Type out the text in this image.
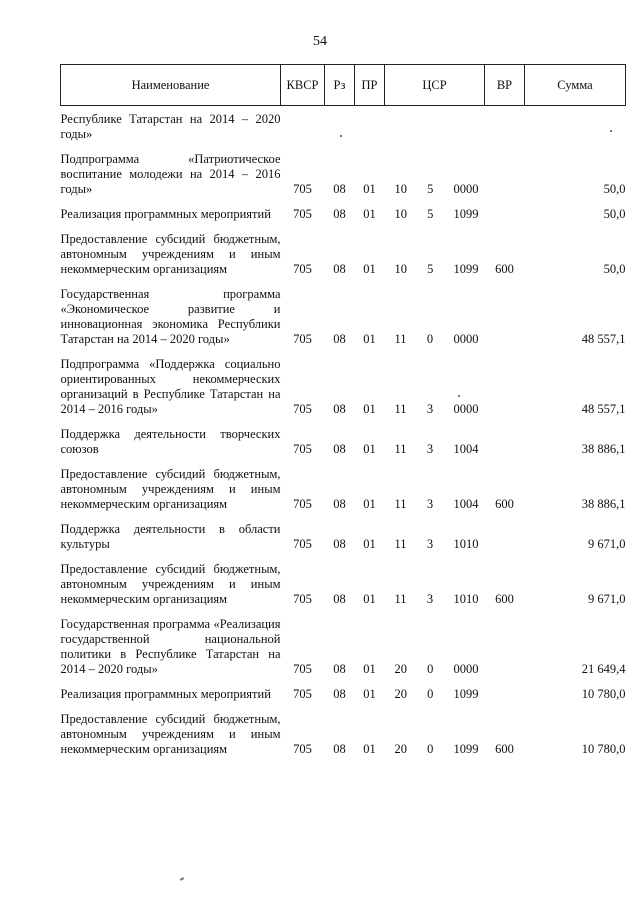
54
Наименование	КВСР	Рз	ПР	ЦСР	ВР	Сумма
Республике Татарстан на 2014 – 2020 годы»				

Подпрограмма «Патриотическое воспитание молодежи на 2014 – 2016 годы»	705	08	01	10 5 0000		50,0
Реализация программных мероприятий	705	08	01	10 5 1099		50,0
Предоставление субсидий бюджетным, автономным учреждениям и иным некоммерческим организациям	705	08	01	10 5 1099	600	50,0
Государственная программа «Экономическое развитие и инновационная экономика Республики Татарстан на 2014 – 2020 годы»	705	08	01	11 0 0000		48 557,1
Подпрограмма «Поддержка социально ориентированных некоммерческих организаций в Республике Татарстан на 2014 – 2016 годы»	705	08	01	11 3 0000		48 557,1
Поддержка деятельности творческих союзов	705	08	01	11 3 1004		38 886,1
Предоставление субсидий бюджетным, автономным учреждениям и иным некоммерческим организациям	705	08	01	11 3 1004	600	38 886,1
Поддержка деятельности в области культуры	705	08	01	11 3 1010		9 671,0
Предоставление субсидий бюджетным, автономным учреждениям и иным некоммерческим организациям	705	08	01	11 3 1010	600	9 671,0
Государственная программа «Реализация государственной национальной политики в Республике Татарстан на 2014 – 2020 годы»	705	08	01	20 0 0000		21 649,4
Реализация программных мероприятий	705	08	01	20 0 1099		10 780,0
Предоставление субсидий бюджетным, автономным учреждениям и иным некоммерческим организациям	705	08	01	20 0 1099	600	10 780,0
